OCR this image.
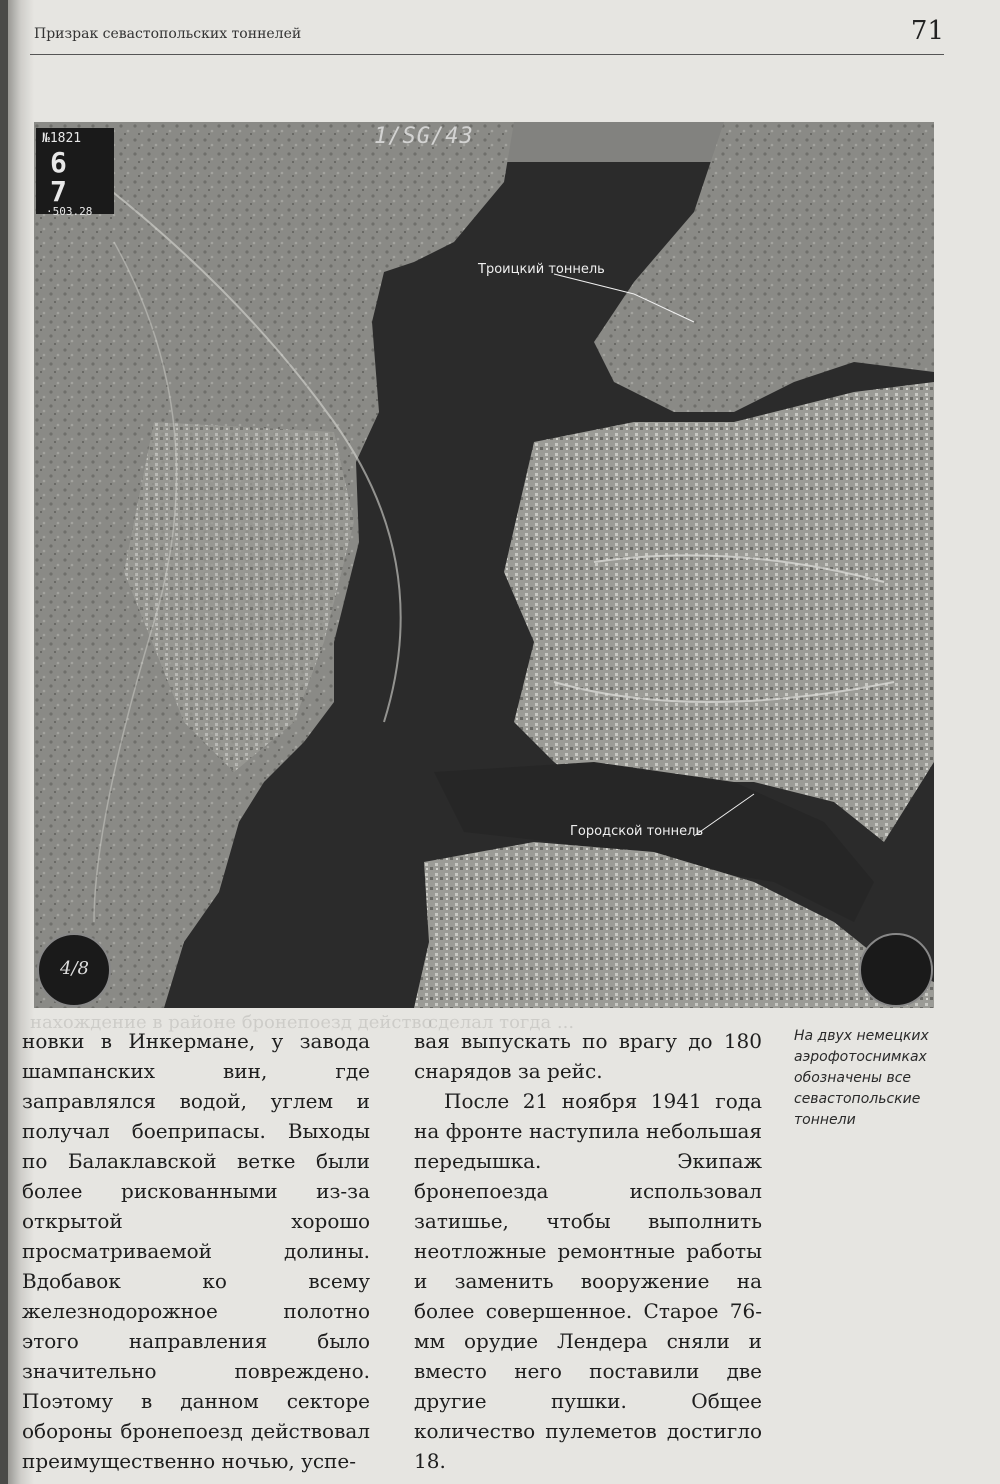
Призрак севастопольских тоннелей	71
№1821
6 7
·503.28
1/SG/43
4/8
Троицкий тоннель
Городской тоннель
нахождение в районе бронепоезд действо
сделал тогда ...

новки в Инкермане, у завода шампанских вин, где заправлялся водой, углем и получал боеприпасы. Выходы по Балаклавской ветке были более рискованными из-за открытой хорошо просматриваемой долины. Вдобавок ко всему железнодорожное полотно этого направления было значительно повреждено. Поэтому в данном секторе обороны бронепоезд действовал преимущественно ночью, успе-

вая выпускать по врагу до 180 снарядов за рейс.

После 21 ноября 1941 года на фронте наступила небольшая передышка. Экипаж бронепоезда использовал затишье, чтобы выполнить неотложные ремонтные работы и заменить вооружение на более совершенное. Старое 76-мм орудие Лендера сняли и вместо него поставили две другие пушки. Общее количество пулеметов достигло 18.

На двух немецких аэрофотоснимках обозначены все севастопольские тоннели
